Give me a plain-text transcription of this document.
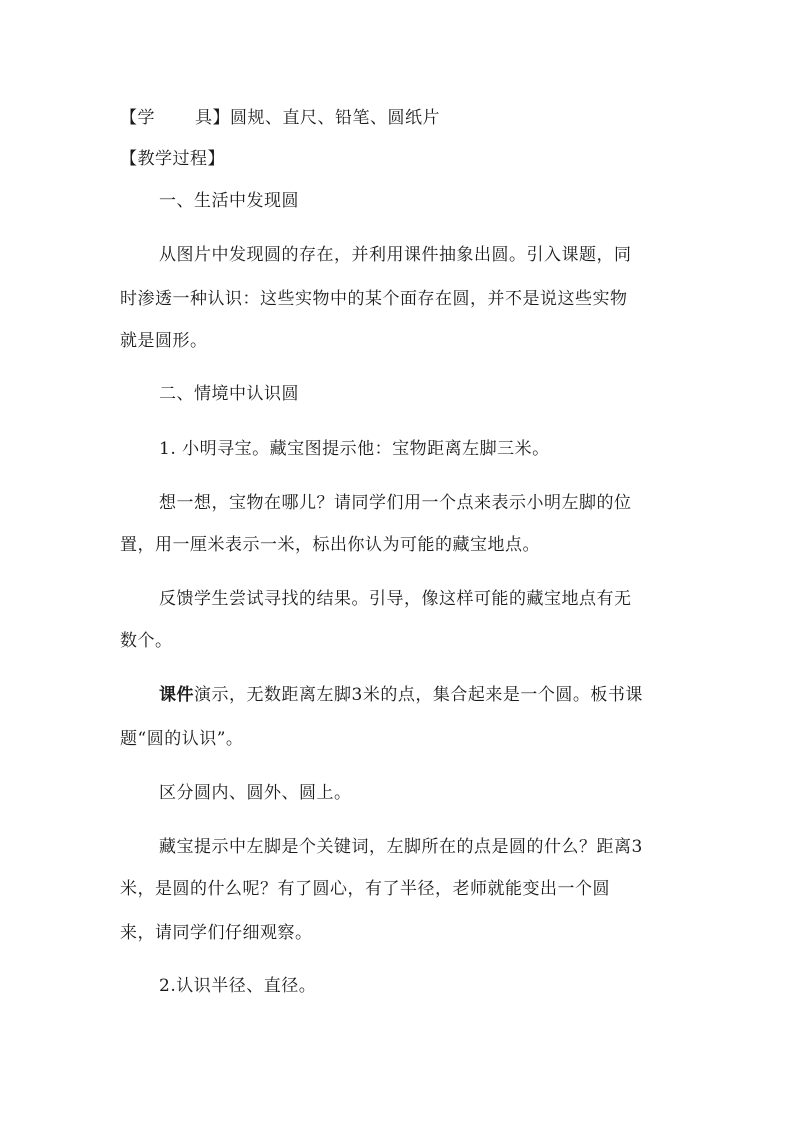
【学 具】圆规、直尺、铅笔、圆纸片
【教学过程】
一、生活中发现圆
从图片中发现圆的存在，并利用课件抽象出圆。引入课题，同
时渗透一种认识：这些实物中的某个面存在圆，并不是说这些实物
就是圆形。
二、情境中认识圆
1. 小明寻宝。藏宝图提示他：宝物距离左脚三米。
想一想，宝物在哪儿？请同学们用一个点来表示小明左脚的位
置，用一厘米表示一米，标出你认为可能的藏宝地点。
反馈学生尝试寻找的结果。引导，像这样可能的藏宝地点有无
数个。
课件演示，无数距离左脚3米的点，集合起来是一个圆。板书课
题“圆的认识”。
区分圆内、圆外、圆上。
藏宝提示中左脚是个关键词，左脚所在的点是圆的什么？距离3
米，是圆的什么呢？有了圆心，有了半径，老师就能变出一个圆
来，请同学们仔细观察。
2.认识半径、直径。
